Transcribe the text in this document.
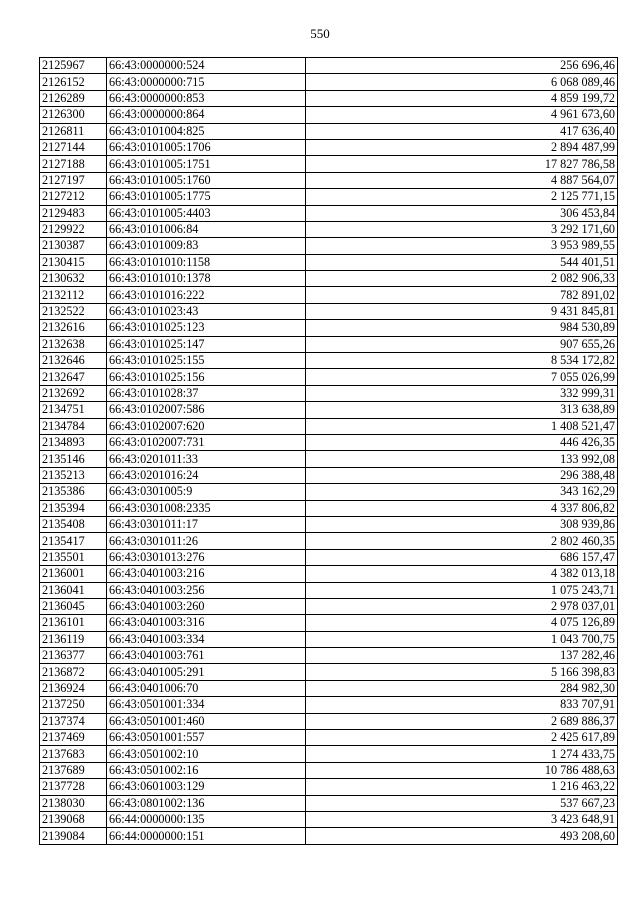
550
2125967	66:43:0000000:524	256 696,46
2126152	66:43:0000000:715	6 068 089,46
2126289	66:43:0000000:853	4 859 199,72
2126300	66:43:0000000:864	4 961 673,60
2126811	66:43:0101004:825	417 636,40
2127144	66:43:0101005:1706	2 894 487,99
2127188	66:43:0101005:1751	17 827 786,58
2127197	66:43:0101005:1760	4 887 564,07
2127212	66:43:0101005:1775	2 125 771,15
2129483	66:43:0101005:4403	306 453,84
2129922	66:43:0101006:84	3 292 171,60
2130387	66:43:0101009:83	3 953 989,55
2130415	66:43:0101010:1158	544 401,51
2130632	66:43:0101010:1378	2 082 906,33
2132112	66:43:0101016:222	782 891,02
2132522	66:43:0101023:43	9 431 845,81
2132616	66:43:0101025:123	984 530,89
2132638	66:43:0101025:147	907 655,26
2132646	66:43:0101025:155	8 534 172,82
2132647	66:43:0101025:156	7 055 026,99
2132692	66:43:0101028:37	332 999,31
2134751	66:43:0102007:586	313 638,89
2134784	66:43:0102007:620	1 408 521,47
2134893	66:43:0102007:731	446 426,35
2135146	66:43:0201011:33	133 992,08
2135213	66:43:0201016:24	296 388,48
2135386	66:43:0301005:9	343 162,29
2135394	66:43:0301008:2335	4 337 806,82
2135408	66:43:0301011:17	308 939,86
2135417	66:43:0301011:26	2 802 460,35
2135501	66:43:0301013:276	686 157,47
2136001	66:43:0401003:216	4 382 013,18
2136041	66:43:0401003:256	1 075 243,71
2136045	66:43:0401003:260	2 978 037,01
2136101	66:43:0401003:316	4 075 126,89
2136119	66:43:0401003:334	1 043 700,75
2136377	66:43:0401003:761	137 282,46
2136872	66:43:0401005:291	5 166 398,83
2136924	66:43:0401006:70	284 982,30
2137250	66:43:0501001:334	833 707,91
2137374	66:43:0501001:460	2 689 886,37
2137469	66:43:0501001:557	2 425 617,89
2137683	66:43:0501002:10	1 274 433,75
2137689	66:43:0501002:16	10 786 488,63
2137728	66:43:0601003:129	1 216 463,22
2138030	66:43:0801002:136	537 667,23
2139068	66:44:0000000:135	3 423 648,91
2139084	66:44:0000000:151	493 208,60
